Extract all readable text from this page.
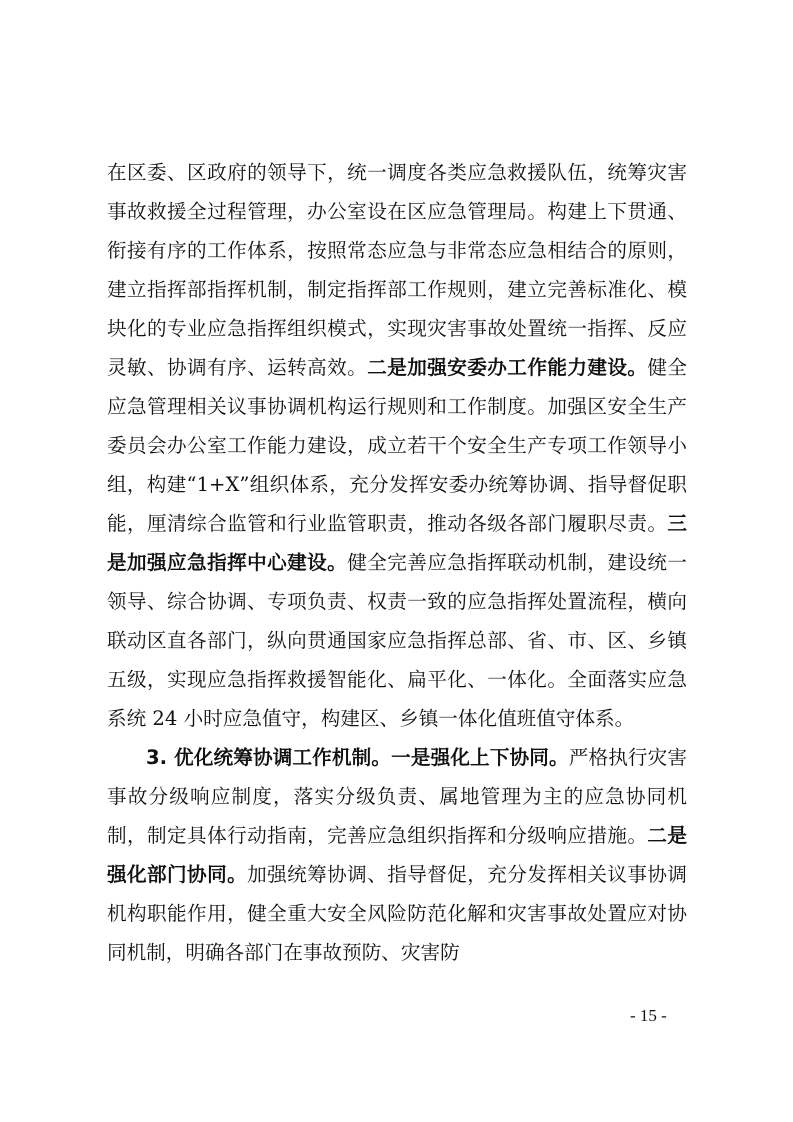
在区委、区政府的领导下，统一调度各类应急救援队伍，统筹灾害事故救援全过程管理，办公室设在区应急管理局。构建上下贯通、衔接有序的工作体系，按照常态应急与非常态应急相结合的原则，建立指挥部指挥机制，制定指挥部工作规则，建立完善标准化、模块化的专业应急指挥组织模式，实现灾害事故处置统一指挥、反应灵敏、协调有序、运转高效。二是加强安委办工作能力建设。健全应急管理相关议事协调机构运行规则和工作制度。加强区安全生产委员会办公室工作能力建设，成立若干个安全生产专项工作领导小组，构建“1+X”组织体系，充分发挥安委办统筹协调、指导督促职能，厘清综合监管和行业监管职责，推动各级各部门履职尽责。三是加强应急指挥中心建设。健全完善应急指挥联动机制，建设统一领导、综合协调、专项负责、权责一致的应急指挥处置流程，横向联动区直各部门，纵向贯通国家应急指挥总部、省、市、区、乡镇五级，实现应急指挥救援智能化、扁平化、一体化。全面落实应急系统 24 小时应急值守，构建区、乡镇一体化值班值守体系。

3. 优化统筹协调工作机制。一是强化上下协同。严格执行灾害事故分级响应制度，落实分级负责、属地管理为主的应急协同机制，制定具体行动指南，完善应急组织指挥和分级响应措施。二是强化部门协同。加强统筹协调、指导督促，充分发挥相关议事协调机构职能作用，健全重大安全风险防范化解和灾害事故处置应对协同机制，明确各部门在事故预防、灾害防

- 15 -
